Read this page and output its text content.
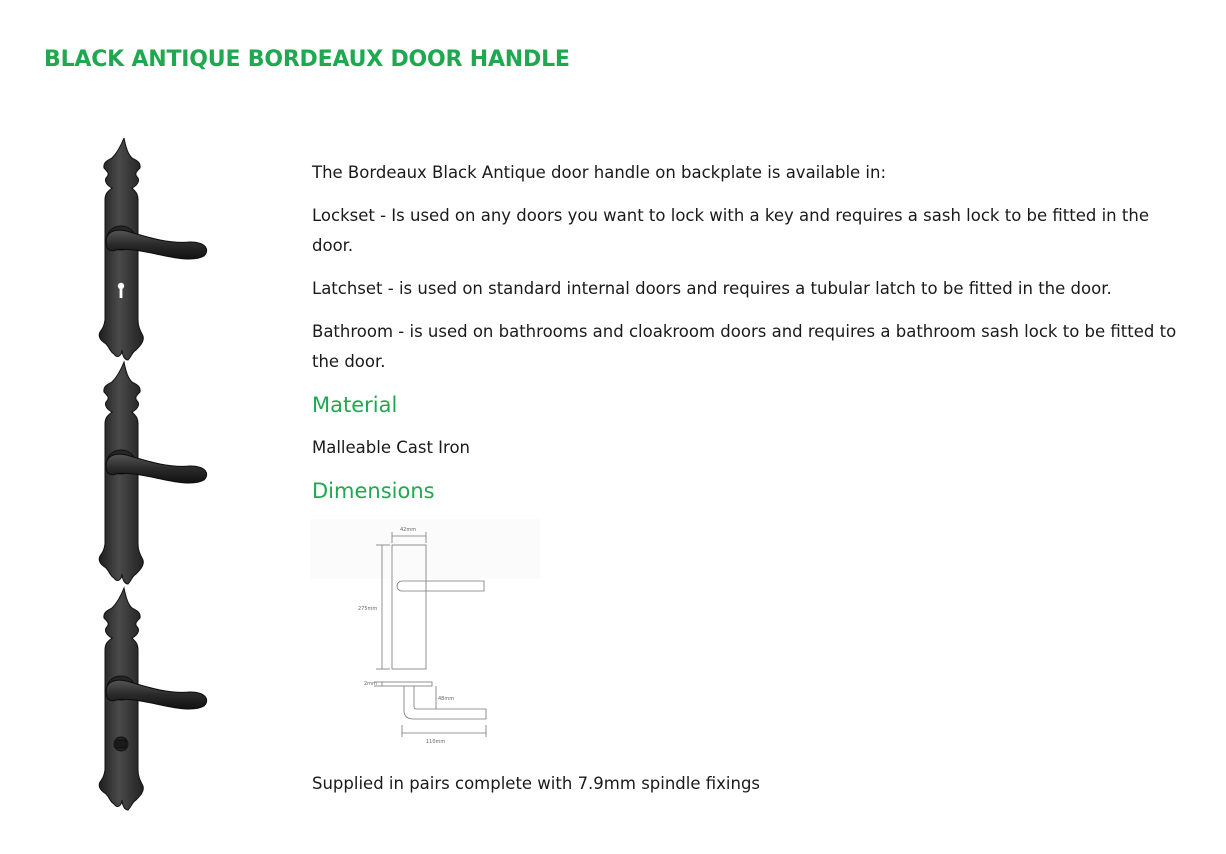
BLACK ANTIQUE BORDEAUX DOOR HANDLE

The Bordeaux Black Antique door handle on backplate is available in:

Lockset - Is used on any doors you want to lock with a key and requires a sash lock to be fitted in the door.

Latchset - is used on standard internal doors and requires a tubular latch to be fitted in the door.

Bathroom - is used on bathrooms and cloakroom doors and requires a bathroom sash lock to be fitted to the door.

Material

Malleable Cast Iron

Dimensions
42mm
275mm
2mm
48mm
110mm

Supplied in pairs complete with 7.9mm spindle fixings
